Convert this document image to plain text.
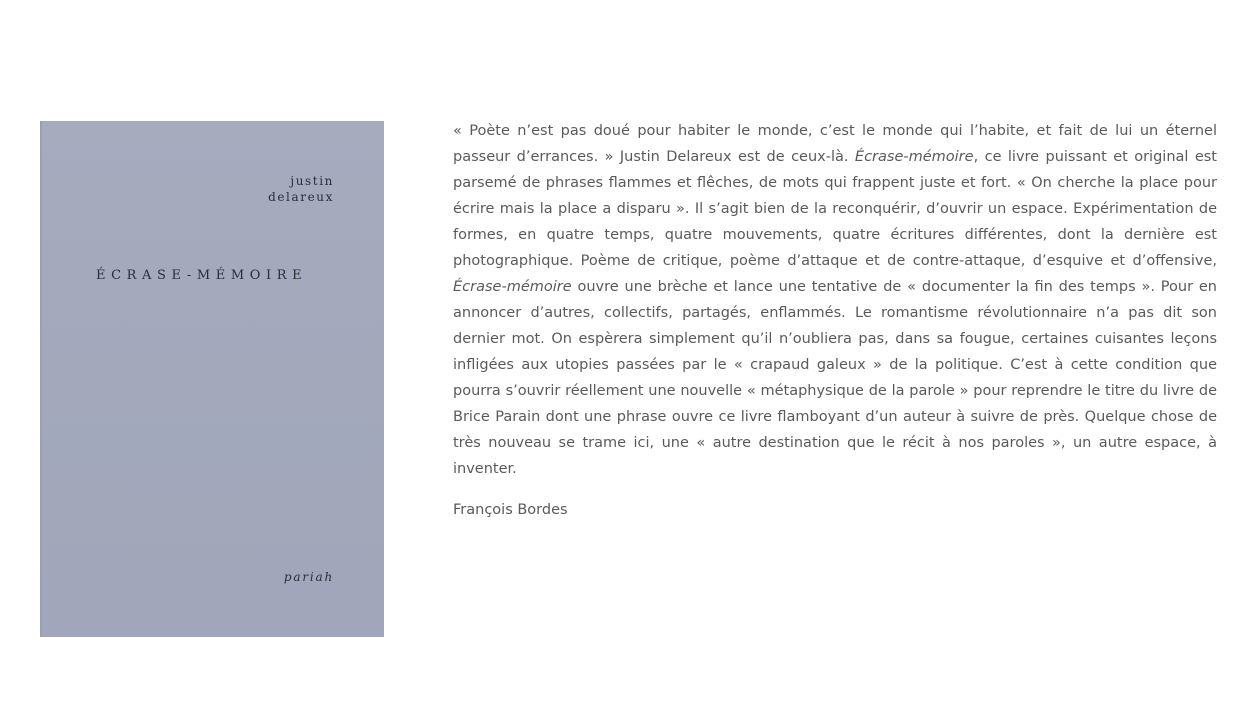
justin
delareux
ÉCRASE-MÉMOIRE
pariah

« Poète n’est pas doué pour habiter le monde, c’est le monde qui l’habite, et fait de lui un éternel passeur d’errances. » Justin Delareux est de ceux-là. Écrase-mémoire, ce livre puissant et original est parsemé de phrases flammes et flêches, de mots qui frappent juste et fort. « On cherche la place pour écrire mais la place a disparu ». Il s’agit bien de la reconquérir, d’ouvrir un espace. Expérimentation de formes, en quatre temps, quatre mouvements, quatre écritures différentes, dont la dernière est photographique. Poème de critique, poème d’attaque et de contre-attaque, d’esquive et d’offensive, Écrase-mémoire ouvre une brèche et lance une tentative de « documenter la fin des temps ». Pour en annoncer d’autres, collectifs, partagés, enflammés. Le romantisme révolutionnaire n’a pas dit son dernier mot. On espèrera simplement qu’il n’oubliera pas, dans sa fougue, certaines cuisantes leçons infligées aux utopies passées par le « crapaud galeux » de la politique. C’est à cette condition que pourra s’ouvrir réellement une nouvelle « métaphysique de la parole » pour reprendre le titre du livre de Brice Parain dont une phrase ouvre ce livre flamboyant d’un auteur à suivre de près. Quelque chose de très nouveau se trame ici, une « autre destination que le récit à nos paroles », un autre espace, à inventer.

François Bordes
